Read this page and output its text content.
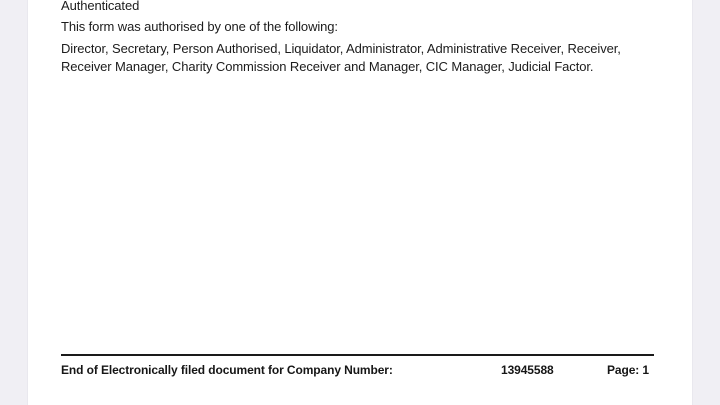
Authenticated
This form was authorised by one of the following:
Director, Secretary, Person Authorised, Liquidator, Administrator, Administrative Receiver, Receiver,
Receiver Manager, Charity Commission Receiver and Manager, CIC Manager, Judicial Factor.
End of Electronically filed document for Company Number:	13945588	Page: 1
